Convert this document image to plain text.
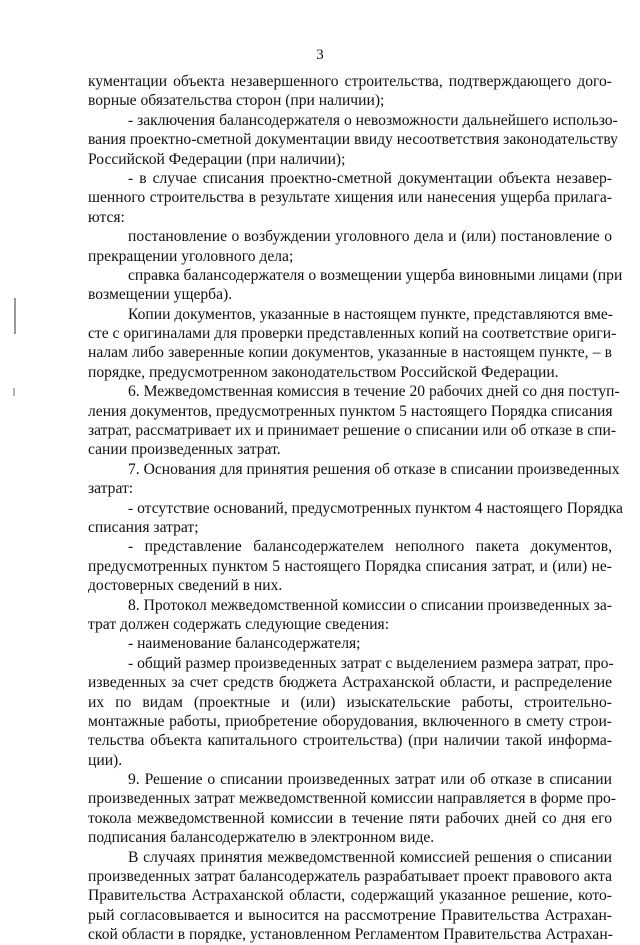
3
кументации объекта незавершенного строительства, подтверждающего дого-
ворные обязательства сторон (при наличии);
- заключения балансодержателя о невозможности дальнейшего использо-
вания проектно-сметной документации ввиду несоответствия законодательству
Российской Федерации (при наличии);
- в случае списания проектно-сметной документации объекта незавер-
шенного строительства в результате хищения или нанесения ущерба прилага-
ются:
постановление о возбуждении уголовного дела и (или) постановление о
прекращении уголовного дела;
справка балансодержателя о возмещении ущерба виновными лицами (при
возмещении ущерба).
Копии документов, указанные в настоящем пункте, представляются вме-
сте с оригиналами для проверки представленных копий на соответствие ориги-
налам либо заверенные копии документов, указанные в настоящем пункте, – в
порядке, предусмотренном законодательством Российской Федерации.
6. Межведомственная комиссия в течение 20 рабочих дней со дня поступ-
ления документов, предусмотренных пунктом 5 настоящего Порядка списания
затрат, рассматривает их и принимает решение о списании или об отказе в спи-
сании произведенных затрат.
7. Основания для принятия решения об отказе в списании произведенных
затрат:
- отсутствие оснований, предусмотренных пунктом 4 настоящего Порядка
списания затрат;
- представление балансодержателем неполного пакета документов,
предусмотренных пунктом 5 настоящего Порядка списания затрат, и (или) не-
достоверных сведений в них.
8. Протокол межведомственной комиссии о списании произведенных за-
трат должен содержать следующие сведения:
- наименование балансодержателя;
- общий размер произведенных затрат с выделением размера затрат, про-
изведенных за счет средств бюджета Астраханской области, и распределение
их по видам (проектные и (или) изыскательские работы, строительно-
монтажные работы, приобретение оборудования, включенного в смету строи-
тельства объекта капитального строительства) (при наличии такой информа-
ции).
9. Решение о списании произведенных затрат или об отказе в списании
произведенных затрат межведомственной комиссии направляется в форме про-
токола межведомственной комиссии в течение пяти рабочих дней со дня его
подписания балансодержателю в электронном виде.
В случаях принятия межведомственной комиссией решения о списании
произведенных затрат балансодержатель разрабатывает проект правового акта
Правительства Астраханской области, содержащий указанное решение, кото-
рый согласовывается и выносится на рассмотрение Правительства Астрахан-
ской области в порядке, установленном Регламентом Правительства Астрахан-
